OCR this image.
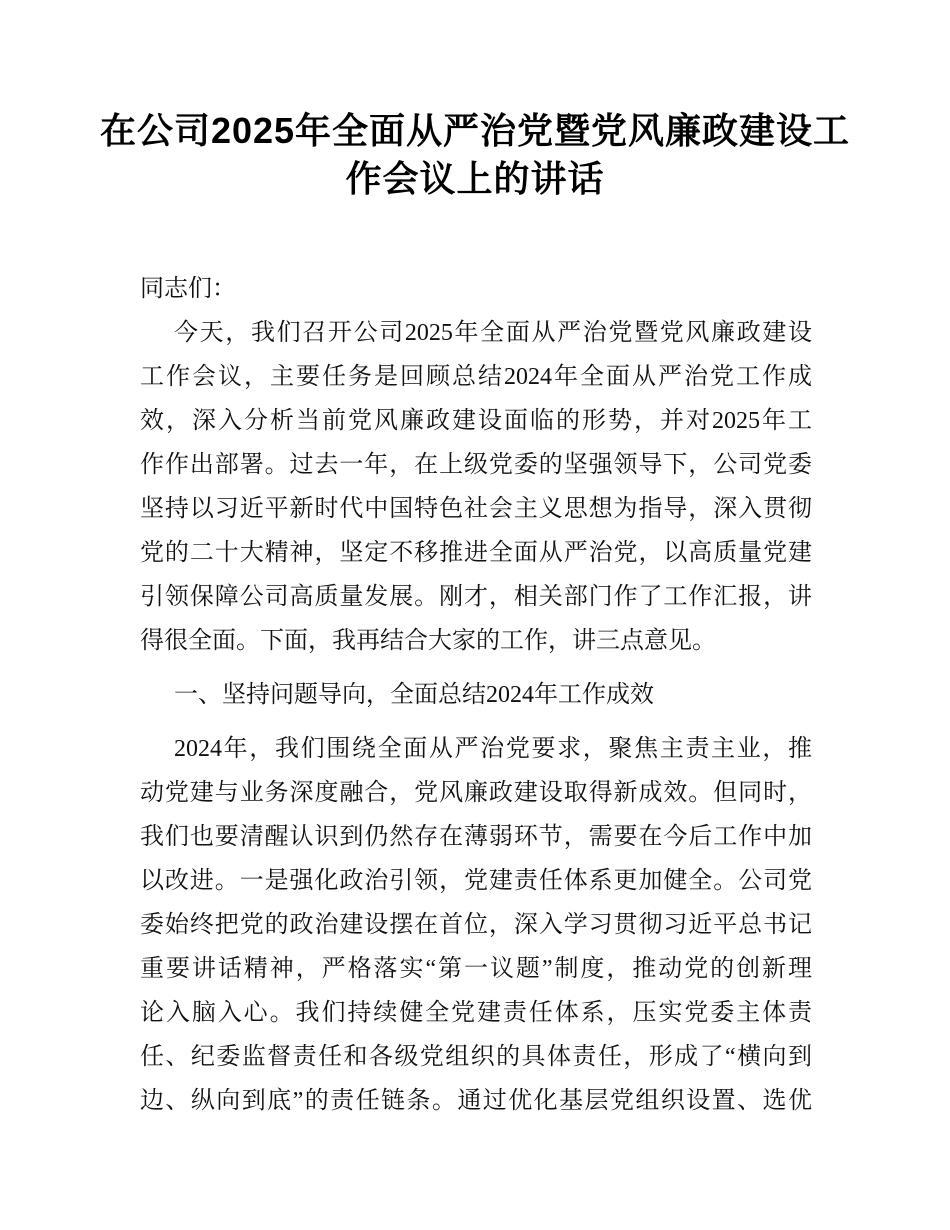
在公司2025年全面从严治党暨党风廉政建设工
作会议上的讲话

同志们：

今天，我们召开公司2025年全面从严治党暨党风廉政建设
工作会议，主要任务是回顾总结2024年全面从严治党工作成
效，深入分析当前党风廉政建设面临的形势，并对2025年工
作作出部署。过去一年，在上级党委的坚强领导下，公司党委
坚持以习近平新时代中国特色社会主义思想为指导，深入贯彻
党的二十大精神，坚定不移推进全面从严治党，以高质量党建
引领保障公司高质量发展。刚才，相关部门作了工作汇报，讲
得很全面。下面，我再结合大家的工作，讲三点意见。

一、坚持问题导向，全面总结2024年工作成效

2024年，我们围绕全面从严治党要求，聚焦主责主业，推
动党建与业务深度融合，党风廉政建设取得新成效。但同时，
我们也要清醒认识到仍然存在薄弱环节，需要在今后工作中加
以改进。一是强化政治引领，党建责任体系更加健全。公司党
委始终把党的政治建设摆在首位，深入学习贯彻习近平总书记
重要讲话精神，严格落实“第一议题”制度，推动党的创新理
论入脑入心。我们持续健全党建责任体系，压实党委主体责
任、纪委监督责任和各级党组织的具体责任，形成了“横向到
边、纵向到底”的责任链条。通过优化基层党组织设置、选优
